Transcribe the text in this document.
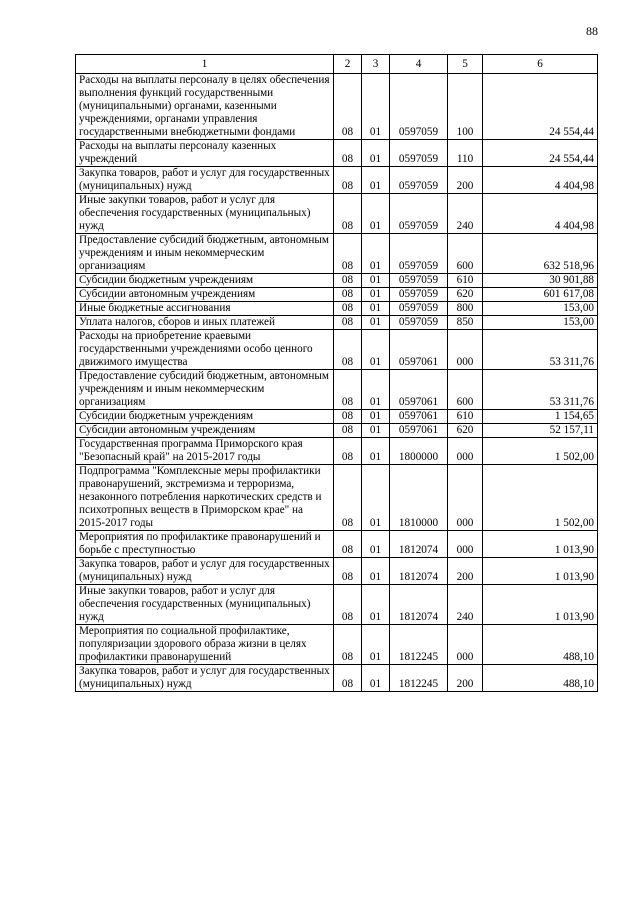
88
1	2	3	4	5	6
Расходы на выплаты персоналу в целях обеспечения выполнения функций государственными (муниципальными) органами, казенными учреждениями, органами управления государственными внебюджетными фондами	08	01	0597059	100	24 554,44
Расходы на выплаты персоналу казенных учреждений	08	01	0597059	110	24 554,44
Закупка товаров, работ и услуг для государственных (муниципальных) нужд	08	01	0597059	200	4 404,98
Иные закупки товаров, работ и услуг для обеспечения государственных (муниципальных) нужд	08	01	0597059	240	4 404,98
Предоставление субсидий бюджетным, автономным учреждениям и иным некоммерческим организациям	08	01	0597059	600	632 518,96
Субсидии бюджетным учреждениям	08	01	0597059	610	30 901,88
Субсидии автономным учреждениям	08	01	0597059	620	601 617,08
Иные бюджетные ассигнования	08	01	0597059	800	153,00
Уплата налогов, сборов и иных платежей	08	01	0597059	850	153,00
Расходы на приобретение краевыми государственными учреждениями особо ценного движимого имущества	08	01	0597061	000	53 311,76
Предоставление субсидий бюджетным, автономным учреждениям и иным некоммерческим организациям	08	01	0597061	600	53 311,76
Субсидии бюджетным учреждениям	08	01	0597061	610	1 154,65
Субсидии автономным учреждениям	08	01	0597061	620	52 157,11
Государственная программа Приморского края "Безопасный край" на 2015-2017 годы	08	01	1800000	000	1 502,00
Подпрограмма "Комплексные меры профилактики правонарушений, экстремизма и терроризма, незаконного потребления наркотических средств и психотропных веществ в Приморском крае" на 2015-2017 годы	08	01	1810000	000	1 502,00
Мероприятия по профилактике правонарушений и борьбе с преступностью	08	01	1812074	000	1 013,90
Закупка товаров, работ и услуг для государственных (муниципальных) нужд	08	01	1812074	200	1 013,90
Иные закупки товаров, работ и услуг для обеспечения государственных (муниципальных) нужд	08	01	1812074	240	1 013,90
Мероприятия по социальной профилактике, популяризации здорового образа жизни в целях профилактики правонарушений	08	01	1812245	000	488,10
Закупка товаров, работ и услуг для государственных (муниципальных) нужд	08	01	1812245	200	488,10
